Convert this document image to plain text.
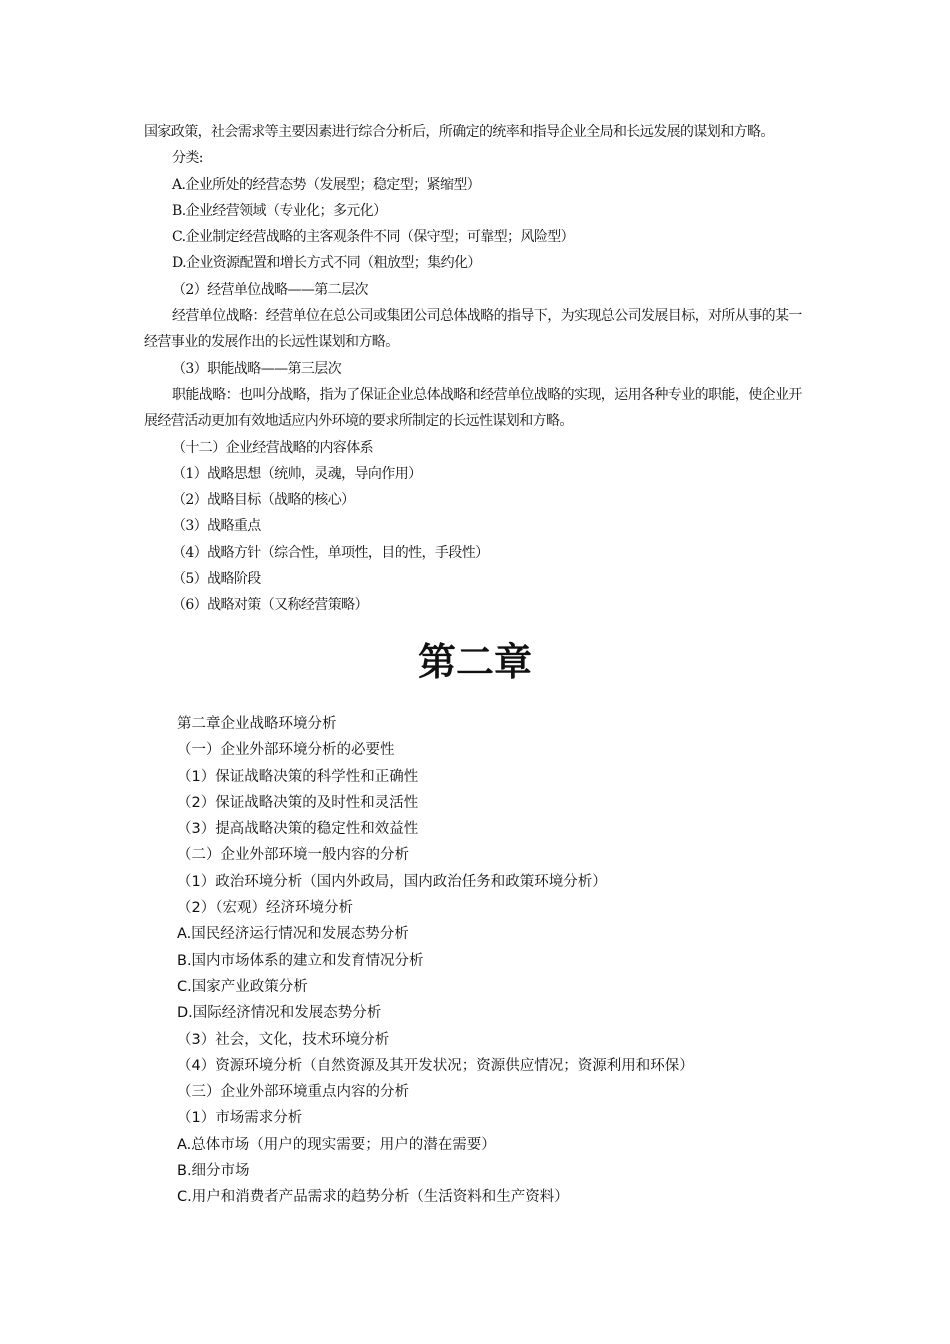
国家政策，社会需求等主要因素进行综合分析后，所确定的统率和指导企业全局和长远发展的谋划和方略。

分类:

A.企业所处的经营态势（发展型；稳定型；紧缩型）

B.企业经营领域（专业化；多元化）

C.企业制定经营战略的主客观条件不同（保守型；可靠型；风险型）

D.企业资源配置和增长方式不同（粗放型；集约化）

（2）经营单位战略——第二层次

经营单位战略：经营单位在总公司或集团公司总体战略的指导下，为实现总公司发展目标，对所从事的某一经营事业的发展作出的长远性谋划和方略。

（3）职能战略——第三层次

职能战略：也叫分战略，指为了保证企业总体战略和经营单位战略的实现，运用各种专业的职能，使企业开展经营活动更加有效地适应内外环境的要求所制定的长远性谋划和方略。

（十二）企业经营战略的内容体系

（1）战略思想（统帅，灵魂，导向作用）

（2）战略目标（战略的核心）

（3）战略重点

（4）战略方针（综合性，单项性，目的性，手段性）

（5）战略阶段

（6）战略对策（又称经营策略）

第二章

第二章企业战略环境分析

（一）企业外部环境分析的必要性

（1）保证战略决策的科学性和正确性

（2）保证战略决策的及时性和灵活性

（3）提高战略决策的稳定性和效益性

（二）企业外部环境一般内容的分析

（1）政治环境分析（国内外政局，国内政治任务和政策环境分析）

（2）（宏观）经济环境分析

A.国民经济运行情况和发展态势分析

B.国内市场体系的建立和发育情况分析

C.国家产业政策分析

D.国际经济情况和发展态势分析

（3）社会，文化，技术环境分析

（4）资源环境分析（自然资源及其开发状况；资源供应情况；资源利用和环保）

（三）企业外部环境重点内容的分析

（1）市场需求分析

A.总体市场（用户的现实需要；用户的潜在需要）

B.细分市场

C.用户和消费者产品需求的趋势分析（生活资料和生产资料）
